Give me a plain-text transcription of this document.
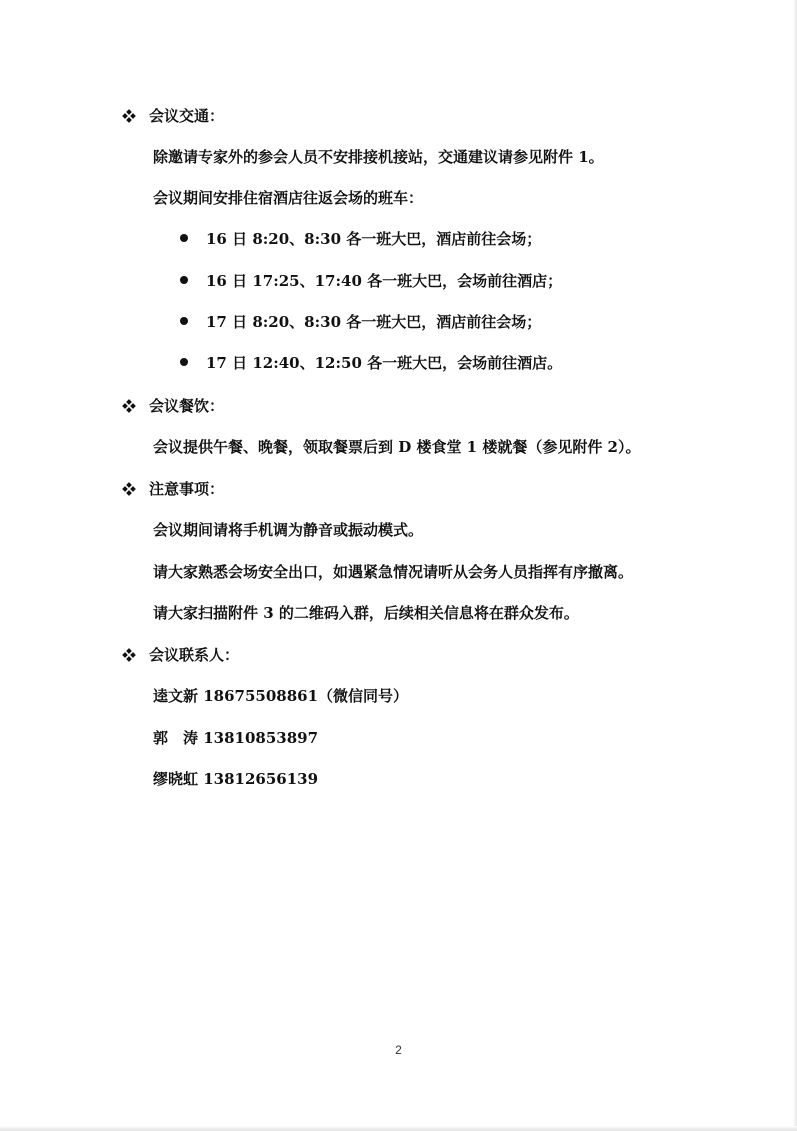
会议交通：
除邀请专家外的参会人员不安排接机接站，交通建议请参见附件 1。
会议期间安排住宿酒店往返会场的班车：
16 日 8:20、8:30 各一班大巴，酒店前往会场；
16 日 17:25、17:40 各一班大巴，会场前往酒店；
17 日 8:20、8:30 各一班大巴，酒店前往会场；
17 日 12:40、12:50 各一班大巴，会场前往酒店。
会议餐饮：
会议提供午餐、晚餐，领取餐票后到 D 楼食堂 1 楼就餐（参见附件 2）。
注意事项：
会议期间请将手机调为静音或振动模式。
请大家熟悉会场安全出口，如遇紧急情况请听从会务人员指挥有序撤离。
请大家扫描附件 3 的二维码入群，后续相关信息将在群众发布。
会议联系人：
逵文新 18675508861（微信同号）
郭　涛 13810853897
缪晓虹 13812656139
2
